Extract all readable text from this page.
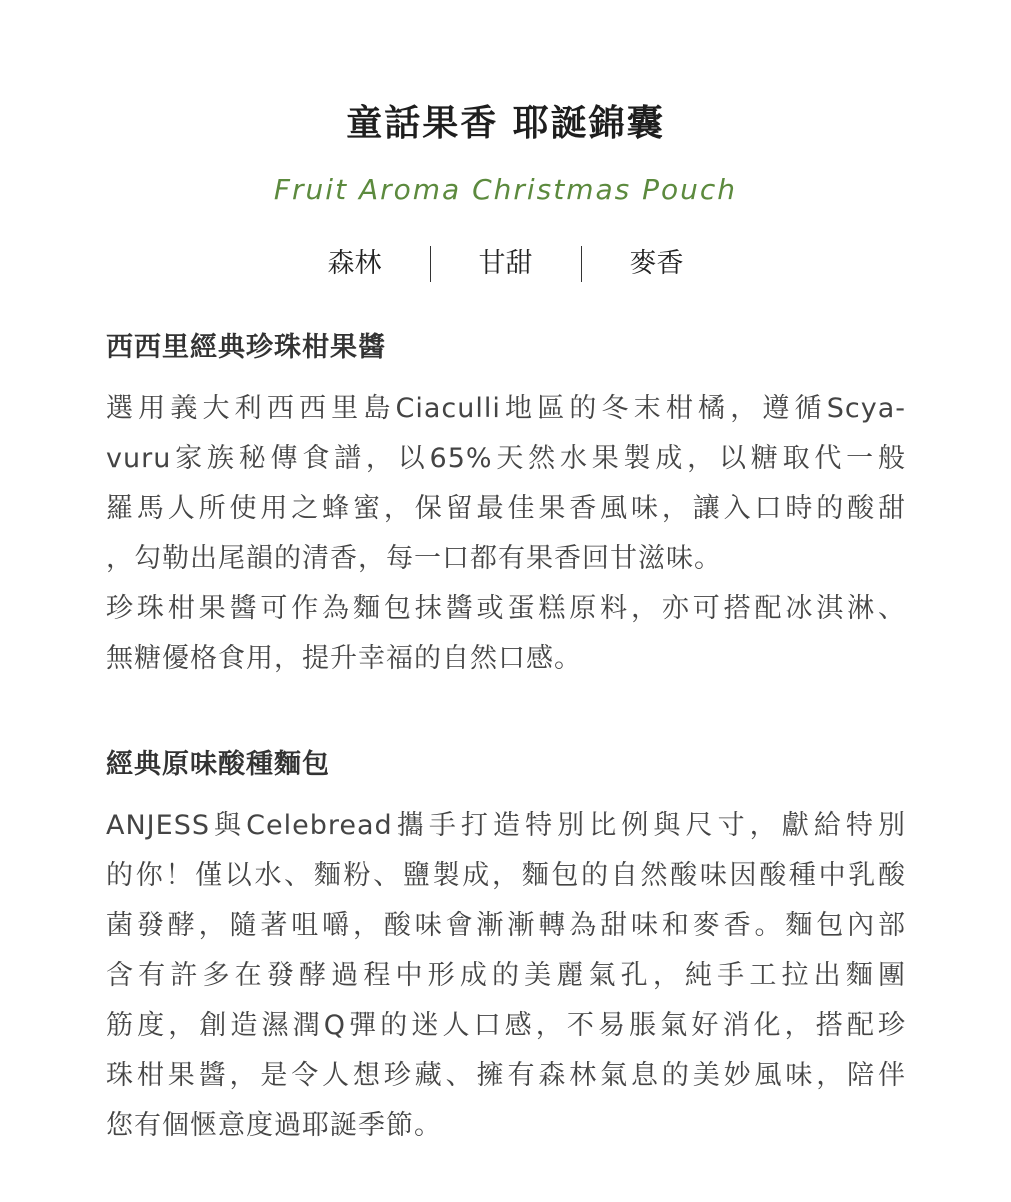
童話果香 耶誕錦囊
Fruit Aroma Christmas Pouch
森林	甘甜	麥香
西西里經典珍珠柑果醬
選用義大利西西里島Ciaculli地區的冬末柑橘，遵循Scya-
vuru家族秘傳食譜，以65%天然水果製成，以糖取代一般
羅馬人所使用之蜂蜜，保留最佳果香風味，讓入口時的酸甜
，勾勒出尾韻的清香，每一口都有果香回甘滋味。
珍珠柑果醬可作為麵包抹醬或蛋糕原料，亦可搭配冰淇淋、
無糖優格食用，提升幸福的自然口感。
經典原味酸種麵包
ANJESS與Celebread攜手打造特別比例與尺寸，獻給特別
的你！僅以水、麵粉、鹽製成，麵包的自然酸味因酸種中乳酸
菌發酵，隨著咀嚼，酸味會漸漸轉為甜味和麥香。麵包內部
含有許多在發酵過程中形成的美麗氣孔，純手工拉出麵團
筋度，創造濕潤Q彈的迷人口感，不易脹氣好消化，搭配珍
珠柑果醬，是令人想珍藏、擁有森林氣息的美妙風味，陪伴
您有個愜意度過耶誕季節。
